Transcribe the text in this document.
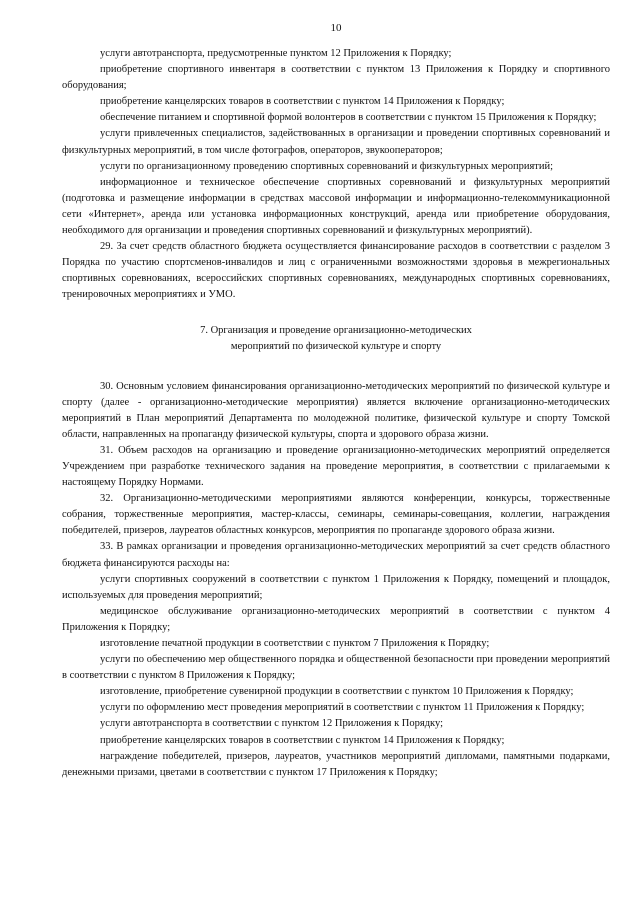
10

услуги автотранспорта, предусмотренные пунктом 12 Приложения к Порядку;

приобретение спортивного инвентаря в соответствии с пунктом 13 Приложения к Порядку и спортивного оборудования;

приобретение канцелярских товаров в соответствии с пунктом 14 Приложения к Порядку;

обеспечение питанием и спортивной формой волонтеров в соответствии с пунктом 15 Приложения к Порядку;

услуги привлеченных специалистов, задействованных в организации и проведении спортивных соревнований и физкультурных мероприятий, в том числе фотографов, операторов, звукооператоров;

услуги по организационному проведению спортивных соревнований и физкультурных мероприятий;

информационное и техническое обеспечение спортивных соревнований и физкультурных мероприятий (подготовка и размещение информации в средствах массовой информации и информационно-телекоммуникационной сети «Интернет», аренда или установка информационных конструкций, аренда или приобретение оборудования, необходимого для организации и проведения спортивных соревнований и физкультурных мероприятий).

29. За счет средств областного бюджета осуществляется финансирование расходов в соответствии с разделом 3 Порядка по участию спортсменов-инвалидов и лиц с ограниченными возможностями здоровья в межрегиональных спортивных соревнованиях, всероссийских спортивных соревнованиях, международных спортивных соревнованиях, тренировочных мероприятиях и УМО.

7. Организация и проведение организационно-методических
мероприятий по физической культуре и спорту

30. Основным условием финансирования организационно-методических мероприятий по физической культуре и спорту (далее - организационно-методические мероприятия) является включение организационно-методических мероприятий в План мероприятий Департамента по молодежной политике, физической культуре и спорту Томской области, направленных на пропаганду физической культуры, спорта и здорового образа жизни.

31. Объем расходов на организацию и проведение организационно-методических мероприятий определяется Учреждением при разработке технического задания на проведение мероприятия, в соответствии с прилагаемыми к настоящему Порядку Нормами.

32. Организационно-методическими мероприятиями являются конференции, конкурсы, торжественные собрания, торжественные мероприятия, мастер-классы, семинары, семинары-совещания, коллегии, награждения победителей, призеров, лауреатов областных конкурсов, мероприятия по пропаганде здорового образа жизни.

33. В рамках организации и проведения организационно-методических мероприятий за счет средств областного бюджета финансируются расходы на:

услуги спортивных сооружений в соответствии с пунктом 1 Приложения к Порядку, помещений и площадок, используемых для проведения мероприятий;

медицинское обслуживание организационно-методических мероприятий в соответствии с пунктом 4 Приложения к Порядку;

изготовление печатной продукции в соответствии с пунктом 7 Приложения к Порядку;

услуги по обеспечению мер общественного порядка и общественной безопасности при проведении мероприятий в соответствии с пунктом 8 Приложения к Порядку;

изготовление, приобретение сувенирной продукции в соответствии с пунктом 10 Приложения к Порядку;

услуги по оформлению мест проведения мероприятий в соответствии с пунктом 11 Приложения к Порядку;

услуги автотранспорта в соответствии с пунктом 12 Приложения к Порядку;

приобретение канцелярских товаров в соответствии с пунктом 14 Приложения к Порядку;

награждение победителей, призеров, лауреатов, участников мероприятий дипломами, памятными подарками, денежными призами, цветами в соответствии с пунктом 17 Приложения к Порядку;
